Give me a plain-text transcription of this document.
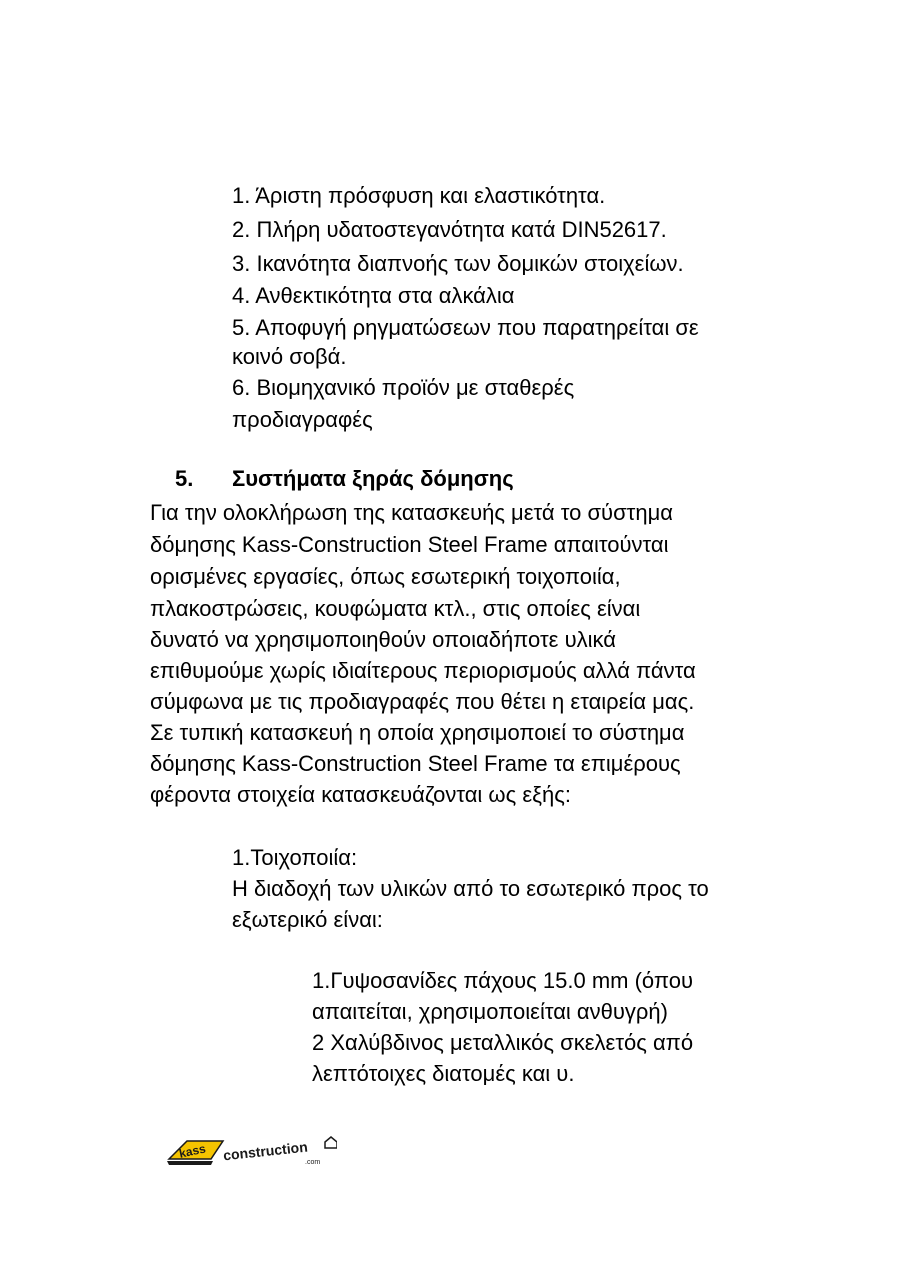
1. Άριστη πρόσφυση και ελαστικότητα.
2. Πλήρη υδατοστεγανότητα κατά DIN52617.
3. Ικανότητα διαπνοής των δομικών στοιχείων.
4. Ανθεκτικότητα στα αλκάλια
5. Αποφυγή ρηγματώσεων που παρατηρείται σε
κοινό σοβά.
6. Βιομηχανικό προϊόν με σταθερές
προδιαγραφές
5. Συστήματα ξηράς δόμησης
Για την ολοκλήρωση της κατασκευής μετά το σύστημα
δόμησης Kass-Construction Steel Frame απαιτούνται
ορισμένες εργασίες, όπως εσωτερική τοιχοποιία,
πλακοστρώσεις, κουφώματα κτλ., στις οποίες είναι
δυνατό να χρησιμοποιηθούν οποιαδήποτε υλικά
επιθυμούμε χωρίς ιδιαίτερους περιορισμούς αλλά πάντα
σύμφωνα με τις προδιαγραφές που θέτει η εταιρεία μας.
Σε τυπική κατασκευή η οποία χρησιμοποιεί το σύστημα
δόμησης Kass-Construction Steel Frame τα επιμέρους
φέροντα στοιχεία κατασκευάζονται ως εξής:
1.Τοιχοποιία:
Η διαδοχή των υλικών από το εσωτερικό προς το
εξωτερικό είναι:
1.Γυψοσανίδες πάχους 15.0 mm (όπου
απαιτείται, χρησιμοποιείται ανθυγρή)
2 Χαλύβδινος μεταλλικός σκελετός από
λεπτότοιχες διατομές και υ.
kass construction
.com
